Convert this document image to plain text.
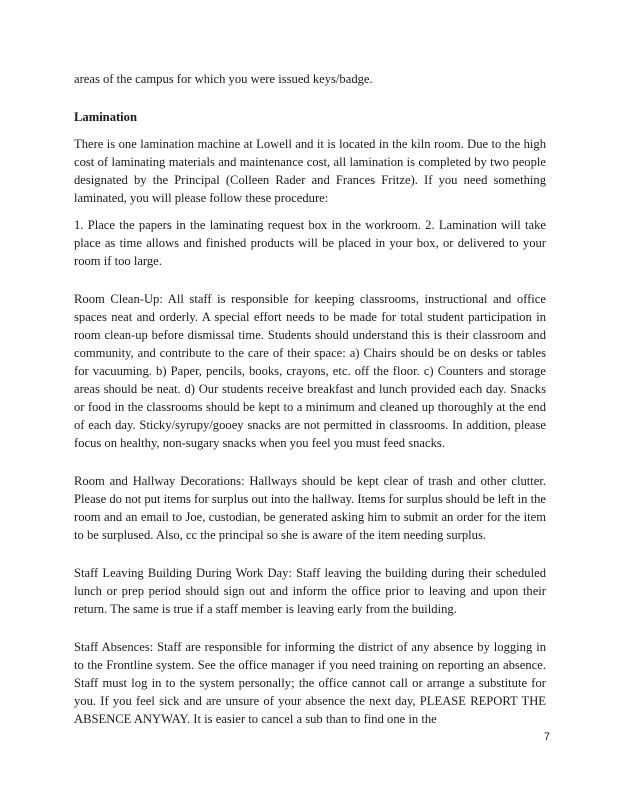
areas of the campus for which you were issued keys/badge.

Lamination

There is one lamination machine at Lowell and it is located in the kiln room. Due to the high cost of laminating materials and maintenance cost, all lamination is completed by two people designated by the Principal (Colleen Rader and Frances Fritze). If you need something laminated, you will please follow these procedure:

1. Place the papers in the laminating request box in the workroom. 2. Lamination will take place as time allows and finished products will be placed in your box, or delivered to your room if too large.

Room Clean-Up: All staff is responsible for keeping classrooms, instructional and office spaces neat and orderly. A special effort needs to be made for total student participation in room clean-up before dismissal time. Students should understand this is their classroom and community, and contribute to the care of their space: a) Chairs should be on desks or tables for vacuuming. b) Paper, pencils, books, crayons, etc. off the floor. c) Counters and storage areas should be neat. d) Our students receive breakfast and lunch provided each day. Snacks or food in the classrooms should be kept to a minimum and cleaned up thoroughly at the end of each day. Sticky/syrupy/gooey snacks are not permitted in classrooms. In addition, please focus on healthy, non-sugary snacks when you feel you must feed snacks.

Room and Hallway Decorations: Hallways should be kept clear of trash and other clutter. Please do not put items for surplus out into the hallway. Items for surplus should be left in the room and an email to Joe, custodian, be generated asking him to submit an order for the item to be surplused. Also, cc the principal so she is aware of the item needing surplus.

Staff Leaving Building During Work Day: Staff leaving the building during their scheduled lunch or prep period should sign out and inform the office prior to leaving and upon their return. The same is true if a staff member is leaving early from the building.

Staff Absences: Staff are responsible for informing the district of any absence by logging in to the Frontline system. See the office manager if you need training on reporting an absence. Staff must log in to the system personally; the office cannot call or arrange a substitute for you. If you feel sick and are unsure of your absence the next day, PLEASE REPORT THE ABSENCE ANYWAY. It is easier to cancel a sub than to find one in the

7
